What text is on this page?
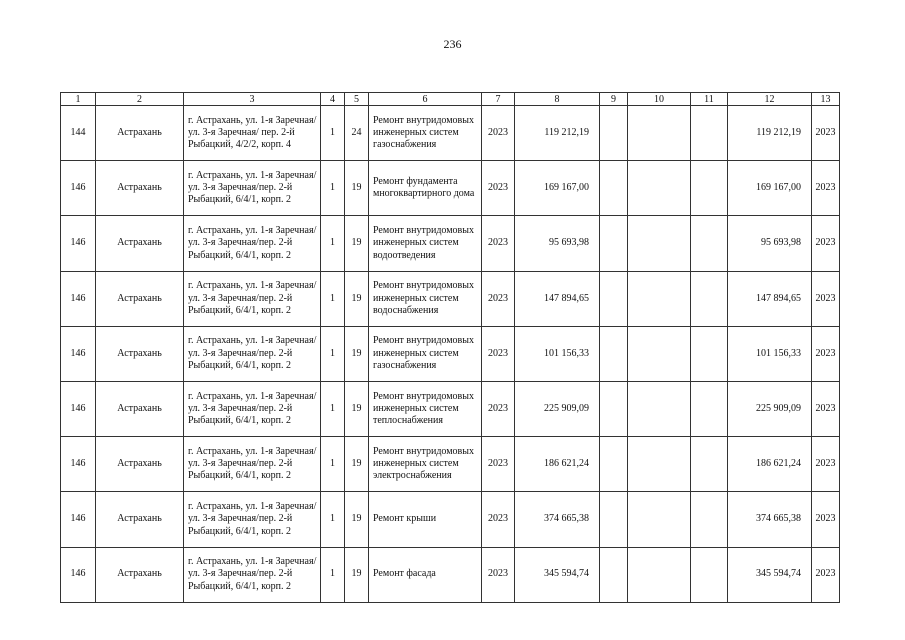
236
1	2	3	4	5	6	7	8	9	10	11	12	13
144	Астрахань	г. Астрахань, ул. 1-я Заречная/ ул. 3-я Заречная/ пер. 2-й Рыбацкий, 4/2/2, корп. 4	1	24	Ремонт внутридомовых инженерных систем газоснабжения	2023	119 212,19				119 212,19	2023
146	Астрахань	г. Астрахань, ул. 1-я Заречная/ ул. 3-я Заречная/пер. 2-й Рыбацкий, 6/4/1, корп. 2	1	19	Ремонт фундамента многоквартирного дома	2023	169 167,00				169 167,00	2023
146	Астрахань	г. Астрахань, ул. 1-я Заречная/ ул. 3-я Заречная/пер. 2-й Рыбацкий, 6/4/1, корп. 2	1	19	Ремонт внутридомовых инженерных систем водоотведения	2023	95 693,98				95 693,98	2023
146	Астрахань	г. Астрахань, ул. 1-я Заречная/ ул. 3-я Заречная/пер. 2-й Рыбацкий, 6/4/1, корп. 2	1	19	Ремонт внутридомовых инженерных систем водоснабжения	2023	147 894,65				147 894,65	2023
146	Астрахань	г. Астрахань, ул. 1-я Заречная/ ул. 3-я Заречная/пер. 2-й Рыбацкий, 6/4/1, корп. 2	1	19	Ремонт внутридомовых инженерных систем газоснабжения	2023	101 156,33				101 156,33	2023
146	Астрахань	г. Астрахань, ул. 1-я Заречная/ ул. 3-я Заречная/пер. 2-й Рыбацкий, 6/4/1, корп. 2	1	19	Ремонт внутридомовых инженерных систем теплоснабжения	2023	225 909,09				225 909,09	2023
146	Астрахань	г. Астрахань, ул. 1-я Заречная/ ул. 3-я Заречная/пер. 2-й Рыбацкий, 6/4/1, корп. 2	1	19	Ремонт внутридомовых инженерных систем электроснабжения	2023	186 621,24				186 621,24	2023
146	Астрахань	г. Астрахань, ул. 1-я Заречная/ ул. 3-я Заречная/пер. 2-й Рыбацкий, 6/4/1, корп. 2	1	19	Ремонт крыши	2023	374 665,38				374 665,38	2023
146	Астрахань	г. Астрахань, ул. 1-я Заречная/ ул. 3-я Заречная/пер. 2-й Рыбацкий, 6/4/1, корп. 2	1	19	Ремонт фасада	2023	345 594,74				345 594,74	2023
